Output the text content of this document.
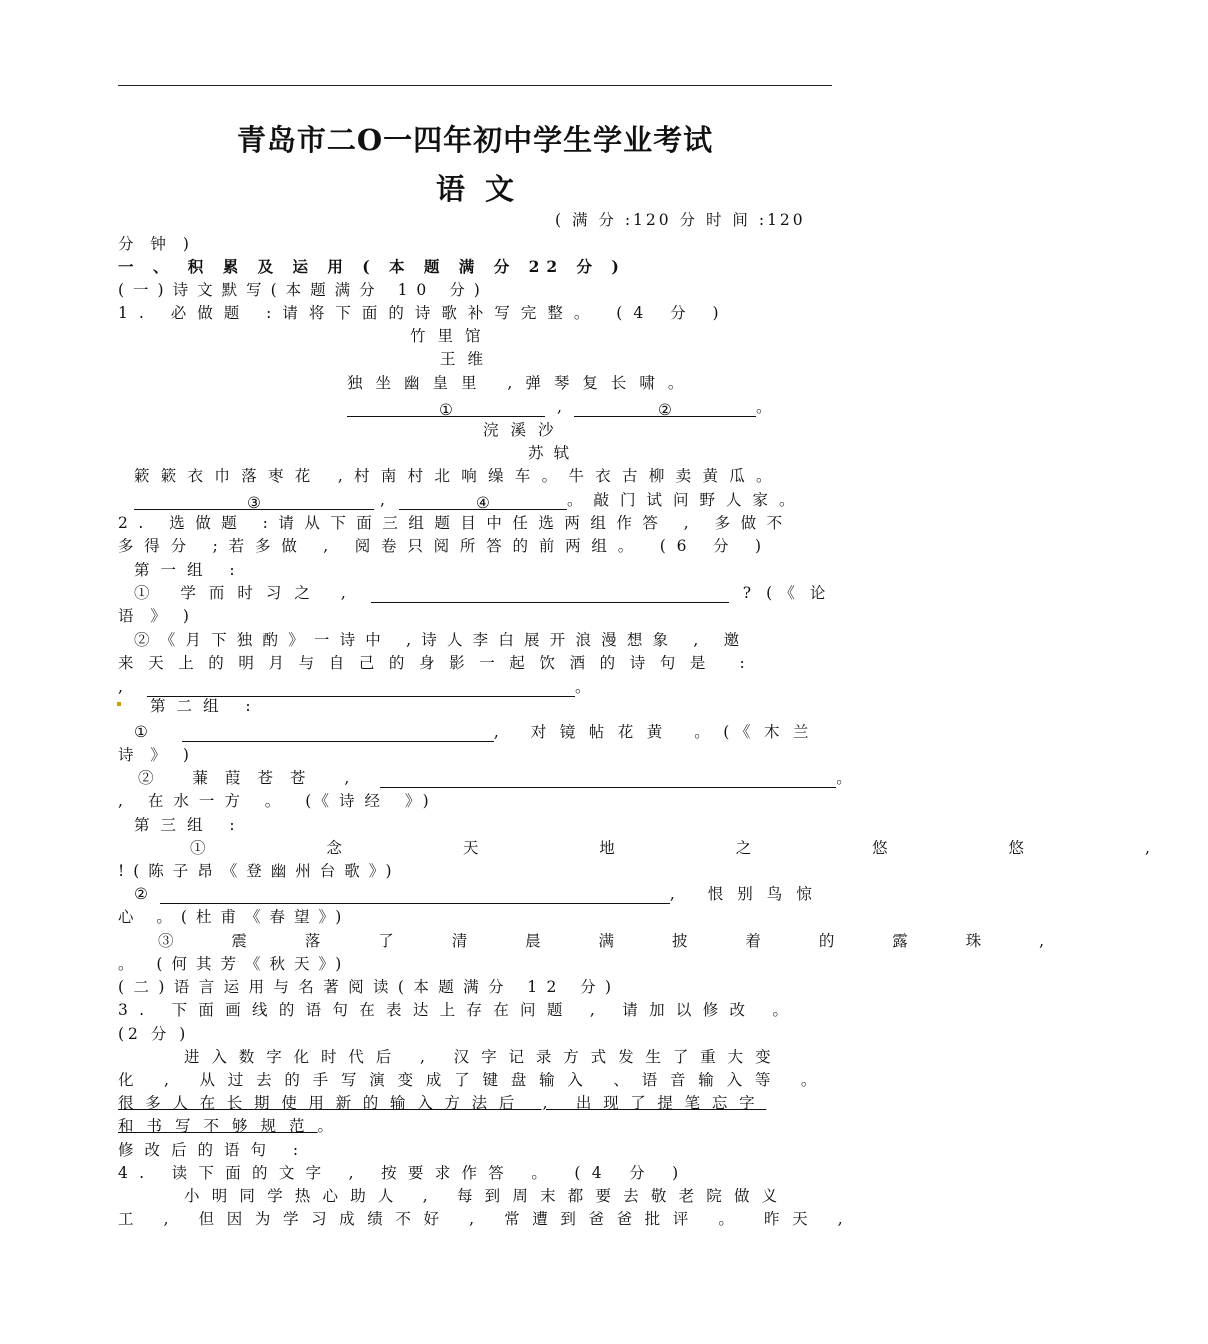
青岛市二O一四年初中学生学业考试
语文
( 满 分 :120 分 时 间 :120
分 钟 )
一 、 积 累 及 运 用 ( 本 题 满 分 22 分 )
(一)诗文默写(本题满分 10 分)
1. 必做题 :请将下面的诗歌补写完整。 (4 分 )
竹里馆
王维
独坐幽皇里 ,弹琴复长啸。
①	,	②	。
浣溪沙
苏轼
簌簌衣巾落枣花 ,村南村北响缲车。牛衣古柳卖黄瓜。
③	,	④	。敲门试问野人家。
2. 选做题 :请从下面三组题目中任选两组作答 , 多做不
多得分 ;若多做 , 阅卷只阅所答的前两组。 (6 分 )
第一组 :
① 学而时习之 ,	?(《论
语 》 )
②《月下独酌》一诗中 ,诗人李白展开浪漫想象 , 邀
来天上的明月与自己的身影一起饮酒的诗句是 :
,	。
第二组 :
①	, 对镜帖花黄 。(《木兰
诗 》 )
② 蒹葭苍苍 ,	。
, 在水一方 。 (《诗经 》)
第三组 :
① 念 天 地 之 悠 悠 ,
!(陈子昂《登幽州台歌》)
②	, 恨别鸟惊
心 。(杜甫《春望》)
③ 震 落 了 清 晨 满 披 着 的 露 珠 ,
。 (何其芳《秋天》)
(二)语言运用与名著阅读(本题满分 12 分)
3. 下面画线的语句在表达上存在问题 , 请加以修改 。
(2 分 )
进入数字化时代后 , 汉字记录方式发生了重大变
化 , 从过去的手写演变成了键盘输入 、语音输入等 。
很多人在长期使用新的输入方法后 , 出现了提笔忘字
和书写不够规范。
修改后的语句 :
4. 读下面的文字 , 按要求作答 。 (4 分 )
小明同学热心助人 , 每到周末都要去敬老院做义
工 , 但因为学习成绩不好 , 常遭到爸爸批评 。 昨天 ,
